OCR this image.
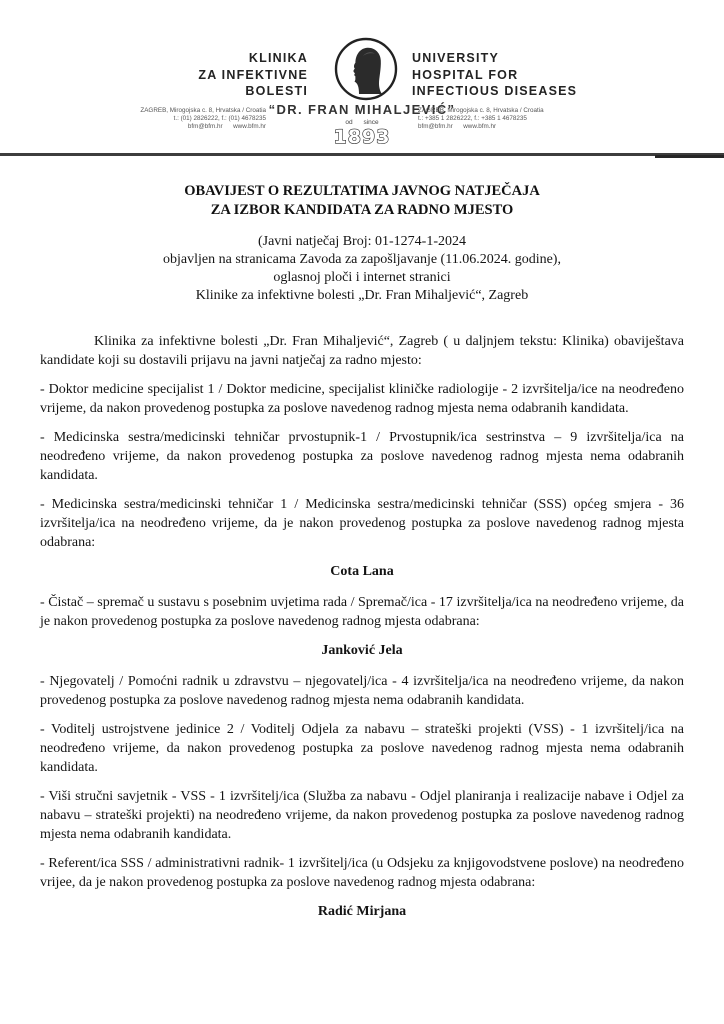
KLINIKA
ZA INFEKTIVNE
BOLESTI
UNIVERSITY
HOSPITAL FOR
INFECTIOUS DISEASES
ZAGREB, Mirogojska c. 8, Hrvatska / Croatia
t.: (01) 2826222, f.: (01) 4678235
bfm@bfm.hr      www.bfm.hr
“DR. FRAN MIHALJEVIĆ”
ZAGREB, Mirogojska c. 8, Hrvatska / Croatia
t.: +385 1 2826222, f.: +385 1 4678235
bfm@bfm.hr      www.bfm.hr
od      since
1893
OBAVIJEST O REZULTATIMA JAVNOG NATJEČAJA
ZA IZBOR KANDIDATA ZA RADNO MJESTO
(Javni natječaj Broj: 01-1274-1-2024
objavljen na stranicama Zavoda za zapošljavanje (11.06.2024. godine),
oglasnoj ploči i internet stranici
Klinike za infektivne bolesti „Dr. Fran Mihaljević“, Zagreb

Klinika za infektivne bolesti „Dr. Fran Mihaljević“, Zagreb ( u daljnjem tekstu: Klinika) obaviještava kandidate koji su dostavili prijavu na javni natječaj za radno mjesto:

- Doktor medicine specijalist 1 / Doktor medicine, specijalist kliničke radiologije - 2 izvršitelja/ice na neodređeno vrijeme, da nakon provedenog postupka za poslove navedenog radnog mjesta nema odabranih kandidata.

- Medicinska sestra/medicinski tehničar prvostupnik-1 / Prvostupnik/ica sestrinstva – 9 izvršitelja/ica na neodređeno vrijeme, da nakon provedenog postupka za poslove navedenog radnog mjesta nema odabranih kandidata.

- Medicinska sestra/medicinski tehničar 1 / Medicinska sestra/medicinski tehničar (SSS) općeg smjera - 36 izvršitelja/ica na neodređeno vrijeme, da je nakon provedenog postupka za poslove navedenog radnog mjesta odabrana:

Cota Lana

- Čistač – spremač u sustavu s posebnim uvjetima rada / Spremač/ica - 17 izvršitelja/ica na neodređeno vrijeme, da je nakon provedenog postupka za poslove navedenog radnog mjesta odabrana:

Janković Jela

- Njegovatelj / Pomoćni radnik u zdravstvu – njegovatelj/ica - 4 izvršitelja/ica na neodređeno vrijeme, da nakon provedenog postupka za poslove navedenog radnog mjesta nema odabranih kandidata.

- Voditelj ustrojstvene jedinice 2 / Voditelj Odjela za nabavu – strateški projekti (VSS) - 1 izvršitelj/ica na neodređeno vrijeme, da nakon provedenog postupka za poslove navedenog radnog mjesta nema odabranih kandidata.

- Viši stručni savjetnik - VSS - 1 izvršitelj/ica (Služba za nabavu - Odjel planiranja i realizacije nabave i Odjel za nabavu – strateški projekti) na neodređeno vrijeme, da nakon provedenog postupka za poslove navedenog radnog mjesta nema odabranih kandidata.

- Referent/ica SSS / administrativni radnik- 1 izvršitelj/ica (u Odsjeku za knjigovodstvene poslove) na neodređeno vrijee, da je nakon provedenog postupka za poslove navedenog radnog mjesta odabrana:

Radić Mirjana
